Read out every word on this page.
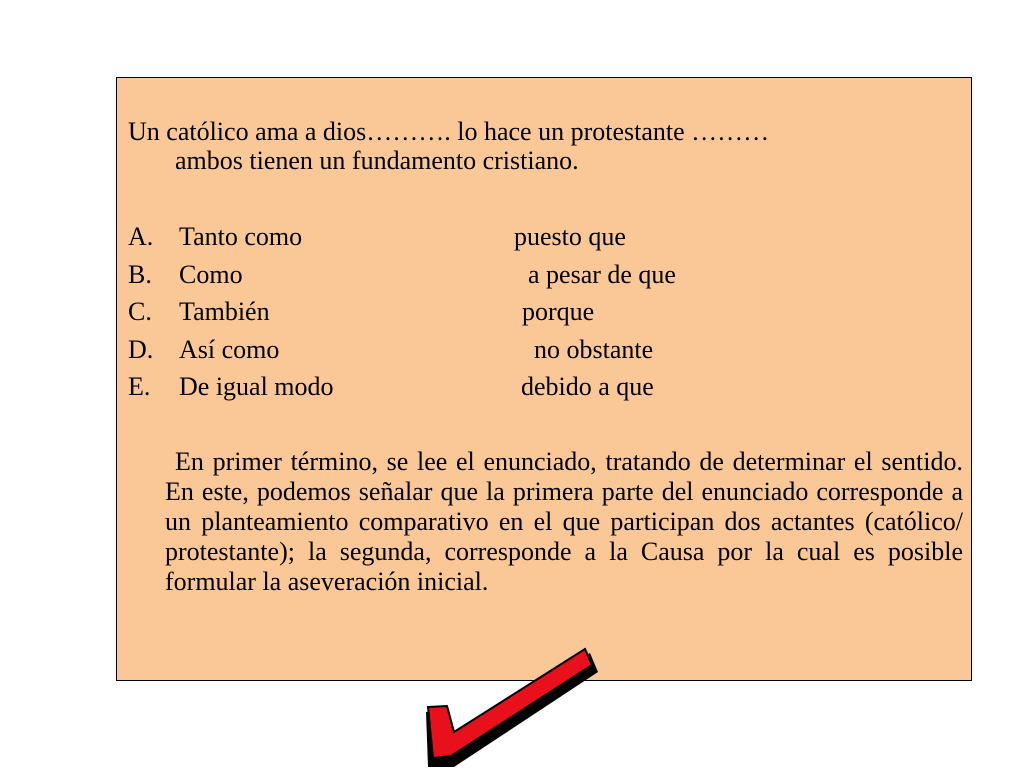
Un católico ama a dios………. lo hace un protestante ………
ambos tienen un fundamento cristiano.

A. Tanto como	puesto que
B.	Como	a pesar de que
C.	También	porque
D. Así como	no obstante
E.	De igual modo	debido a que

En primer término, se lee el enunciado, tratando de determinar el sentido. En este, podemos señalar que la primera parte del enunciado corresponde a un planteamiento comparativo en el que participan dos actantes (católico/ protestante); la segunda, corresponde a la Causa por la cual es posible formular la aseveración inicial.
